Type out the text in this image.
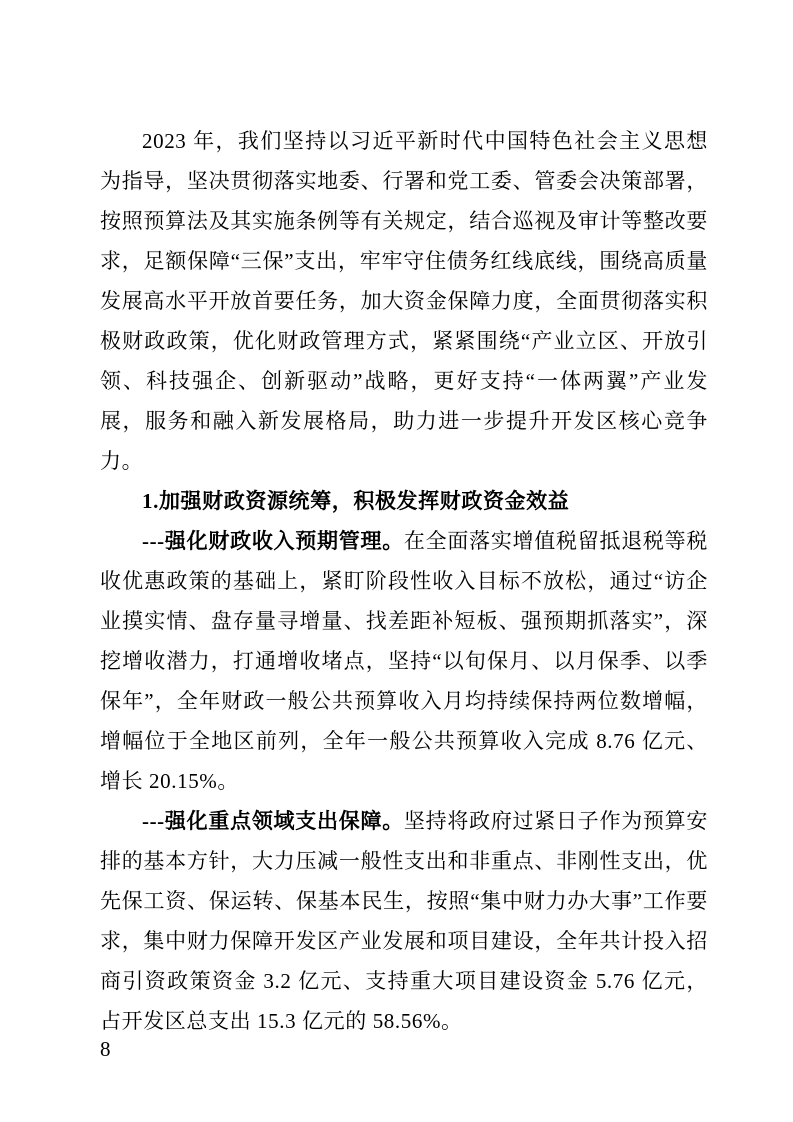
2023 年，我们坚持以习近平新时代中国特色社会主义思想为指导，坚决贯彻落实地委、行署和党工委、管委会决策部署，按照预算法及其实施条例等有关规定，结合巡视及审计等整改要求，足额保障“三保”支出，牢牢守住债务红线底线，围绕高质量发展高水平开放首要任务，加大资金保障力度，全面贯彻落实积极财政政策，优化财政管理方式，紧紧围绕“产业立区、开放引领、科技强企、创新驱动”战略，更好支持“一体两翼”产业发展，服务和融入新发展格局，助力进一步提升开发区核心竞争力。

1.加强财政资源统筹，积极发挥财政资金效益

---强化财政收入预期管理。在全面落实增值税留抵退税等税收优惠政策的基础上，紧盯阶段性收入目标不放松，通过“访企业摸实情、盘存量寻增量、找差距补短板、强预期抓落实”，深挖增收潜力，打通增收堵点，坚持“以旬保月、以月保季、以季保年”，全年财政一般公共预算收入月均持续保持两位数增幅，增幅位于全地区前列，全年一般公共预算收入完成 8.76 亿元、增长 20.15%。

---强化重点领域支出保障。坚持将政府过紧日子作为预算安排的基本方针，大力压减一般性支出和非重点、非刚性支出，优先保工资、保运转、保基本民生，按照“集中财力办大事”工作要求，集中财力保障开发区产业发展和项目建设，全年共计投入招商引资政策资金 3.2 亿元、支持重大项目建设资金 5.76 亿元，占开发区总支出 15.3 亿元的 58.56%。

8
